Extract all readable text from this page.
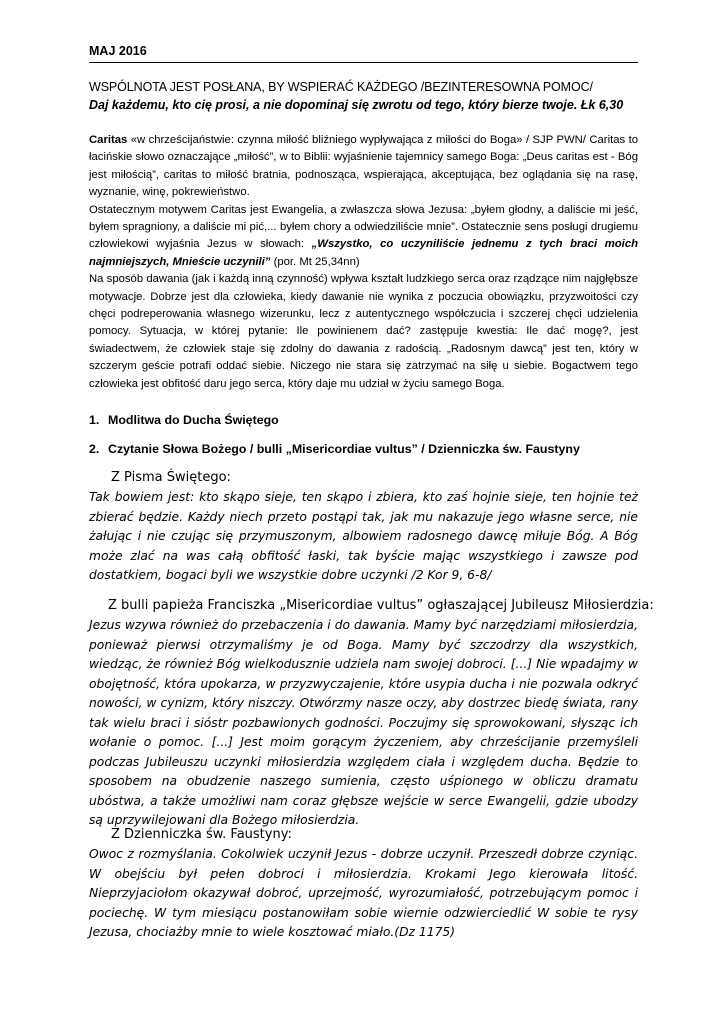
MAJ 2016
WSPÓLNOTA JEST POSŁANA, BY WSPIERAĆ KAŻDEGO /BEZINTERESOWNA POMOC/
Daj każdemu, kto cię prosi, a nie dopominaj się zwrotu od tego, który bierze twoje. Łk 6,30

Caritas «w chrześcijaństwie: czynna miłość bliźniego wypływająca z miłości do Boga» / SJP PWN/ Caritas to łacińskie słowo oznaczające „miłość”, w to Biblii: wyjaśnienie tajemnicy samego Boga: „Deus caritas est - Bóg jest miłością”, caritas to miłość bratnia, podnosząca, wspierająca, akceptująca, bez oglądania się na rasę, wyznanie, winę, pokrewieństwo.

Ostatecznym motywem Caritas jest Ewangelia, a zwłaszcza słowa Jezusa: „byłem głodny, a daliście mi jeść, byłem spragniony, a daliście mi pić,... byłem chory a odwiedziliście mnie”. Ostatecznie sens posługi drugiemu człowiekowi wyjaśnia Jezus w słowach: „Wszystko, co uczyniliście jednemu z tych braci moich najmniejszych, Mnieście uczynili” (por. Mt 25,34nn)

Na sposób dawania (jak i każdą inną czynność) wpływa kształt ludzkiego serca oraz rządzące nim najgłębsze motywacje. Dobrze jest dla człowieka, kiedy dawanie nie wynika z poczucia obowiązku, przyzwoitości czy chęci podreperowania własnego wizerunku, lecz z autentycznego współczucia i szczerej chęci udzielenia pomocy. Sytuacja, w której pytanie: Ile powinienem dać? zastępuje kwestia: Ile dać mogę?, jest świadectwem, że człowiek staje się zdolny do dawania z radością. „Radosnym dawcą” jest ten, który w szczerym geście potrafi oddać siebie. Niczego nie stara się zatrzymać na siłę u siebie. Bogactwem tego człowieka jest obfitość daru jego serca, który daje mu udział w życiu samego Boga.

1. Modlitwa do Ducha Świętego
2. Czytanie Słowa Bożego / bulli „Misericordiae vultus” / Dzienniczka św. Faustyny
Z Pisma Świętego:
Tak bowiem jest: kto skąpo sieje, ten skąpo i zbiera, kto zaś hojnie sieje, ten hojnie też zbierać będzie. Każdy niech przeto postąpi tak, jak mu nakazuje jego własne serce, nie żałując i nie czując się przymuszonym, albowiem radosnego dawcę miłuje Bóg. A Bóg może zlać na was całą obfitość łaski, tak byście mając wszystkiego i zawsze pod dostatkiem, bogaci byli we wszystkie dobre uczynki /2 Kor 9, 6-8/
Z bulli papieża Franciszka „Misericordiae vultus” ogłaszającej Jubileusz Miłosierdzia:
Jezus wzywa również do przebaczenia i do dawania. Mamy być narzędziami miłosierdzia, ponieważ pierwsi otrzymaliśmy je od Boga. Mamy być szczodrzy dla wszystkich, wiedząc, że również Bóg wielkodusznie udziela nam swojej dobroci. [...] Nie wpadajmy w obojętność, która upokarza, w przyzwyczajenie, które usypia ducha i nie pozwala odkryć nowości, w cynizm, który niszczy. Otwórzmy nasze oczy, aby dostrzec biedę świata, rany tak wielu braci i sióstr pozbawionych godności. Poczujmy się sprowokowani, słysząc ich wołanie o pomoc. [...] Jest moim gorącym życzeniem, aby chrześcijanie przemyśleli podczas Jubileuszu uczynki miłosierdzia względem ciała i względem ducha. Będzie to sposobem na obudzenie naszego sumienia, często uśpionego w obliczu dramatu ubóstwa, a także umożliwi nam coraz głębsze wejście w serce Ewangelii, gdzie ubodzy są uprzywilejowani dla Bożego miłosierdzia.
Z Dzienniczka św. Faustyny:
Owoc z rozmyślania. Cokolwiek uczynił Jezus - dobrze uczynił. Przeszedł dobrze czyniąc. W obejściu był pełen dobroci i miłosierdzia. Krokami Jego kierowała litość. Nieprzyjaciołom okazywał dobroć, uprzejmość, wyrozumiałość, potrzebującym pomoc i pociechę. W tym miesiącu postanowiłam sobie wiernie odzwierciedlić W sobie te rysy Jezusa, chociażby mnie to wiele kosztować miało.(Dz 1175)
